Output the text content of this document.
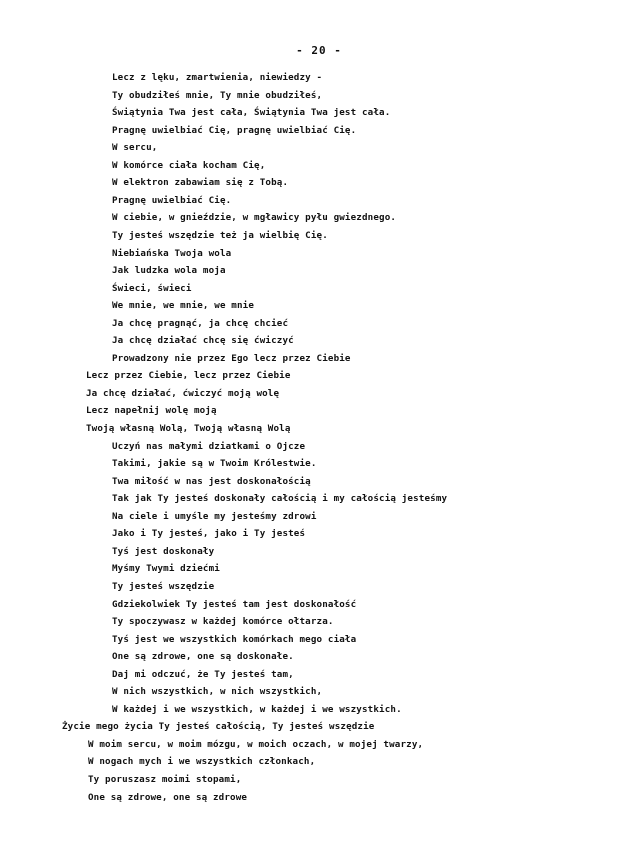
- 20 -
Lecz z lęku, zmartwienia, niewiedzy -
Ty obudziłeś mnie, Ty mnie obudziłeś,
Świątynia Twa jest cała, Świątynia Twa jest cała.
Pragnę uwielbiać Cię, pragnę uwielbiać Cię.
W sercu,
W komórce ciała kocham Cię,
W elektron zabawiam się z Tobą.
Pragnę uwielbiać Cię.
W ciebie, w gnieździe, w mgławicy pyłu gwiezdnego.
Ty jesteś wszędzie też ja wielbię Cię.
Niebiańska Twoja wola
Jak ludzka wola moja
Świeci, świeci
We mnie, we mnie, we mnie
Ja chcę pragnąć, ja chcę chcieć
Ja chcę działać chcę się ćwiczyć
Prowadzony nie przez Ego lecz przez Ciebie
Lecz przez Ciebie, lecz przez Ciebie
Ja chcę działać, ćwiczyć moją wolę
Lecz napełnij wolę moją
Twoją własną Wolą, Twoją własną Wolą
Uczyń nas małymi dziatkami o Ojcze
Takimi, jakie są w Twoim Królestwie.
Twa miłość w nas jest doskonałością
Tak jak Ty jesteś doskonały całością i my całością jesteśmy
Na ciele i umyśle my jesteśmy zdrowi
Jako i Ty jesteś, jako i Ty jesteś
Tyś jest doskonały
Myśmy Twymi dziećmi
Ty jesteś wszędzie
Gdziekolwiek Ty jesteś tam jest doskonałość
Ty spoczywasz w każdej komórce ołtarza.
Tyś jest we wszystkich komórkach mego ciała
One są zdrowe, one są doskonałe.
Daj mi odczuć, że Ty jesteś tam,
W nich wszystkich, w nich wszystkich,
W każdej i we wszystkich, w każdej i we wszystkich.
Życie mego życia Ty jesteś całością, Ty jesteś wszędzie
W moim sercu, w moim mózgu, w moich oczach, w mojej twarzy,
W nogach mych i we wszystkich członkach,
Ty poruszasz moimi stopami,
One są zdrowe, one są zdrowe
